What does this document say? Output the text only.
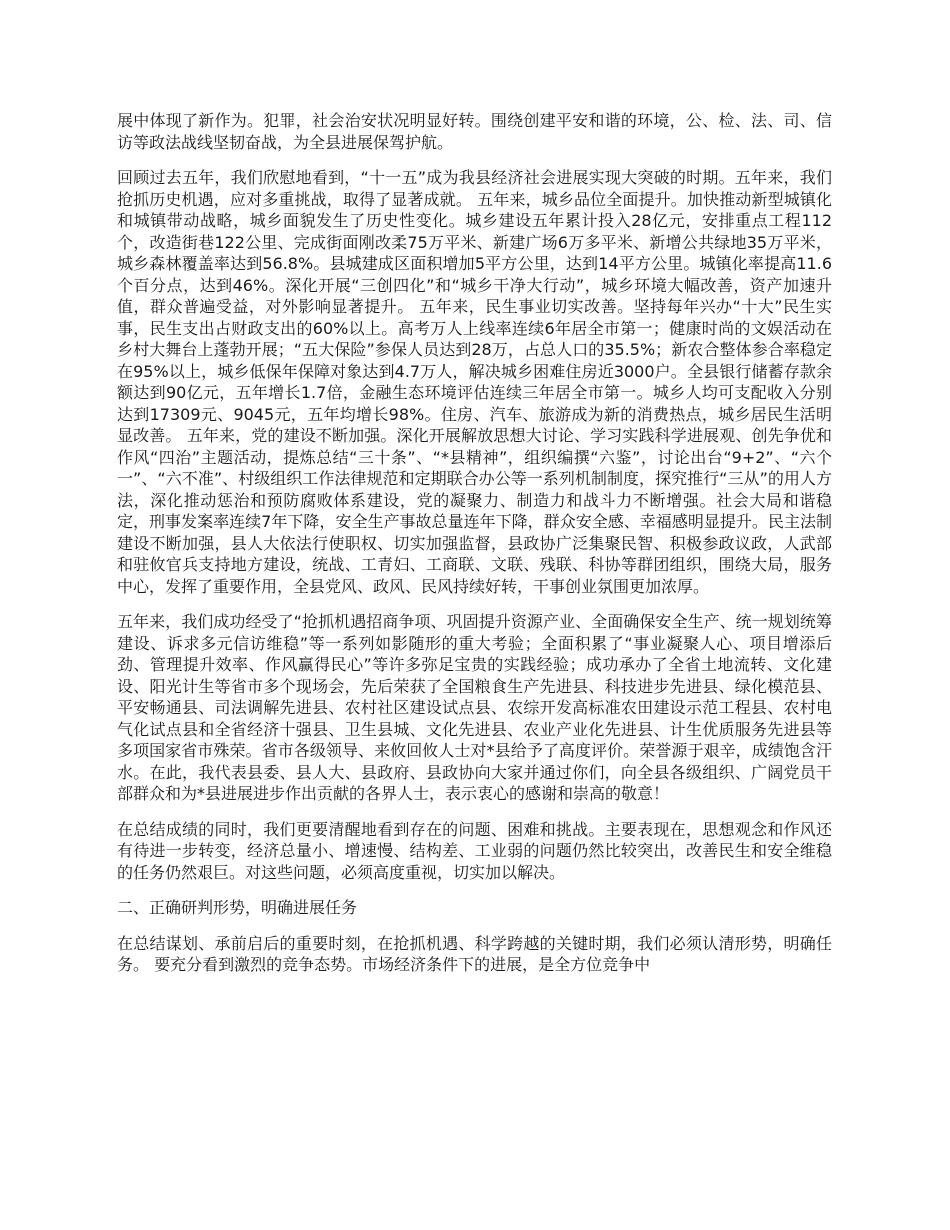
展中体现了新作为。犯罪，社会治安状况明显好转。围绕创建平安和谐的环境，公、检、法、司、信访等政法战线坚韧奋战，为全县进展保驾护航。

回顾过去五年，我们欣慰地看到，“十一五”成为我县经济社会进展实现大突破的时期。五年来，我们抢抓历史机遇，应对多重挑战，取得了显著成就。 五年来，城乡品位全面提升。加快推动新型城镇化和城镇带动战略，城乡面貌发生了历史性变化。城乡建设五年累计投入28亿元，安排重点工程112个，改造街巷122公里、完成街面刚改柔75万平米、新建广场6万多平米、新增公共绿地35万平米，城乡森林覆盖率达到56.8%。县城建成区面积增加5平方公里，达到14平方公里。城镇化率提高11.6个百分点，达到46%。深化开展“三创四化”和“城乡干净大行动”，城乡环境大幅改善，资产加速升值，群众普遍受益，对外影响显著提升。 五年来，民生事业切实改善。坚持每年兴办“十大”民生实事，民生支出占财政支出的60%以上。高考万人上线率连续6年居全市第一；健康时尚的文娱活动在乡村大舞台上蓬勃开展；“五大保险”参保人员达到28万，占总人口的35.5%；新农合整体参合率稳定在95%以上，城乡低保年保障对象达到4.7万人，解决城乡困难住房近3000户。全县银行储蓄存款余额达到90亿元，五年增长1.7倍，金融生态环境评估连续三年居全市第一。城乡人均可支配收入分别达到17309元、9045元，五年均增长98%。住房、汽车、旅游成为新的消费热点，城乡居民生活明显改善。 五年来，党的建设不断加强。深化开展解放思想大讨论、学习实践科学进展观、创先争优和作风“四治”主题活动，提炼总结“三十条”、“*县精神”，组织编撰“六鉴”，讨论出台“9+2”、“六个一”、“六不准”、村级组织工作法律规范和定期联合办公等一系列机制制度，探究推行“三从”的用人方法，深化推动惩治和预防腐败体系建设，党的凝聚力、制造力和战斗力不断增强。社会大局和谐稳定，刑事发案率连续7年下降，安全生产事故总量连年下降，群众安全感、幸福感明显提升。民主法制建设不断加强，县人大依法行使职权、切实加强监督，县政协广泛集聚民智、积极参政议政，人武部和驻攸官兵支持地方建设，统战、工青妇、工商联、文联、残联、科协等群团组织，围绕大局，服务中心，发挥了重要作用，全县党风、政风、民风持续好转，干事创业氛围更加浓厚。

五年来，我们成功经受了“抢抓机遇招商争项、巩固提升资源产业、全面确保安全生产、统一规划统筹建设、诉求多元信访维稳”等一系列如影随形的重大考验；全面积累了“事业凝聚人心、项目增添后劲、管理提升效率、作风赢得民心”等许多弥足宝贵的实践经验；成功承办了全省土地流转、文化建设、阳光计生等省市多个现场会，先后荣获了全国粮食生产先进县、科技进步先进县、绿化模范县、平安畅通县、司法调解先进县、农村社区建设试点县、农综开发高标准农田建设示范工程县、农村电气化试点县和全省经济十强县、卫生县城、文化先进县、农业产业化先进县、计生优质服务先进县等多项国家省市殊荣。省市各级领导、来攸回攸人士对*县给予了高度评价。荣誉源于艰辛，成绩饱含汗水。在此，我代表县委、县人大、县政府、县政协向大家并通过你们，向全县各级组织、广阔党员干部群众和为*县进展进步作出贡献的各界人士，表示衷心的感谢和崇高的敬意！

在总结成绩的同时，我们更要清醒地看到存在的问题、困难和挑战。主要表现在，思想观念和作风还有待进一步转变，经济总量小、增速慢、结构差、工业弱的问题仍然比较突出，改善民生和安全维稳的任务仍然艰巨。对这些问题，必须高度重视，切实加以解决。

二、正确研判形势，明确进展任务

在总结谋划、承前启后的重要时刻，在抢抓机遇、科学跨越的关键时期，我们必须认清形势，明确任务。 要充分看到激烈的竞争态势。市场经济条件下的进展，是全方位竞争中
